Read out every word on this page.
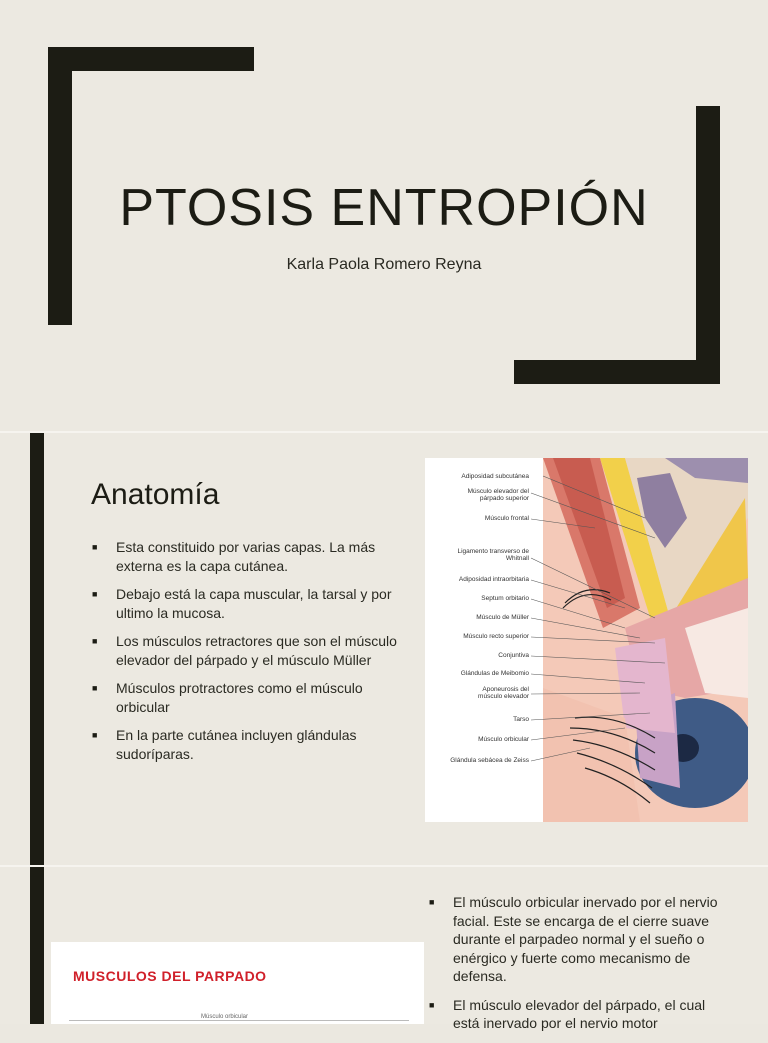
PTOSIS ENTROPIÓN
Karla Paola Romero Reyna
Anatomía
■ Esta constituido por varias capas. La más externa es la capa cutánea.
■ Debajo está la capa muscular, la tarsal y por ultimo la mucosa.
■ Los músculos retractores que son el músculo elevador del párpado y el músculo Müller
■ Músculos protractores como el músculo orbicular
■ En la parte cutánea incluyen glándulas sudoríparas.
Adiposidad subcutánea
Músculo elevador del párpado superior
Músculo frontal
Ligamento transverso de Whitnall
Adiposidad intraorbitaria
Septum orbitario
Músculo de Müller
Músculo recto superior
Conjuntiva
Glándulas de Meibomio
Aponeurosis del músculo elevador
Tarso
Músculo orbicular
Glándula sebácea de Zeiss
MUSCULOS DEL PARPADO
Músculo orbicular
■ El músculo orbicular inervado por el nervio facial. Este se encarga de el cierre suave durante el parpadeo normal y el sueño o enérgico y fuerte como mecanismo de defensa.
■ El músculo elevador del párpado, el cual está inervado por el nervio motor
